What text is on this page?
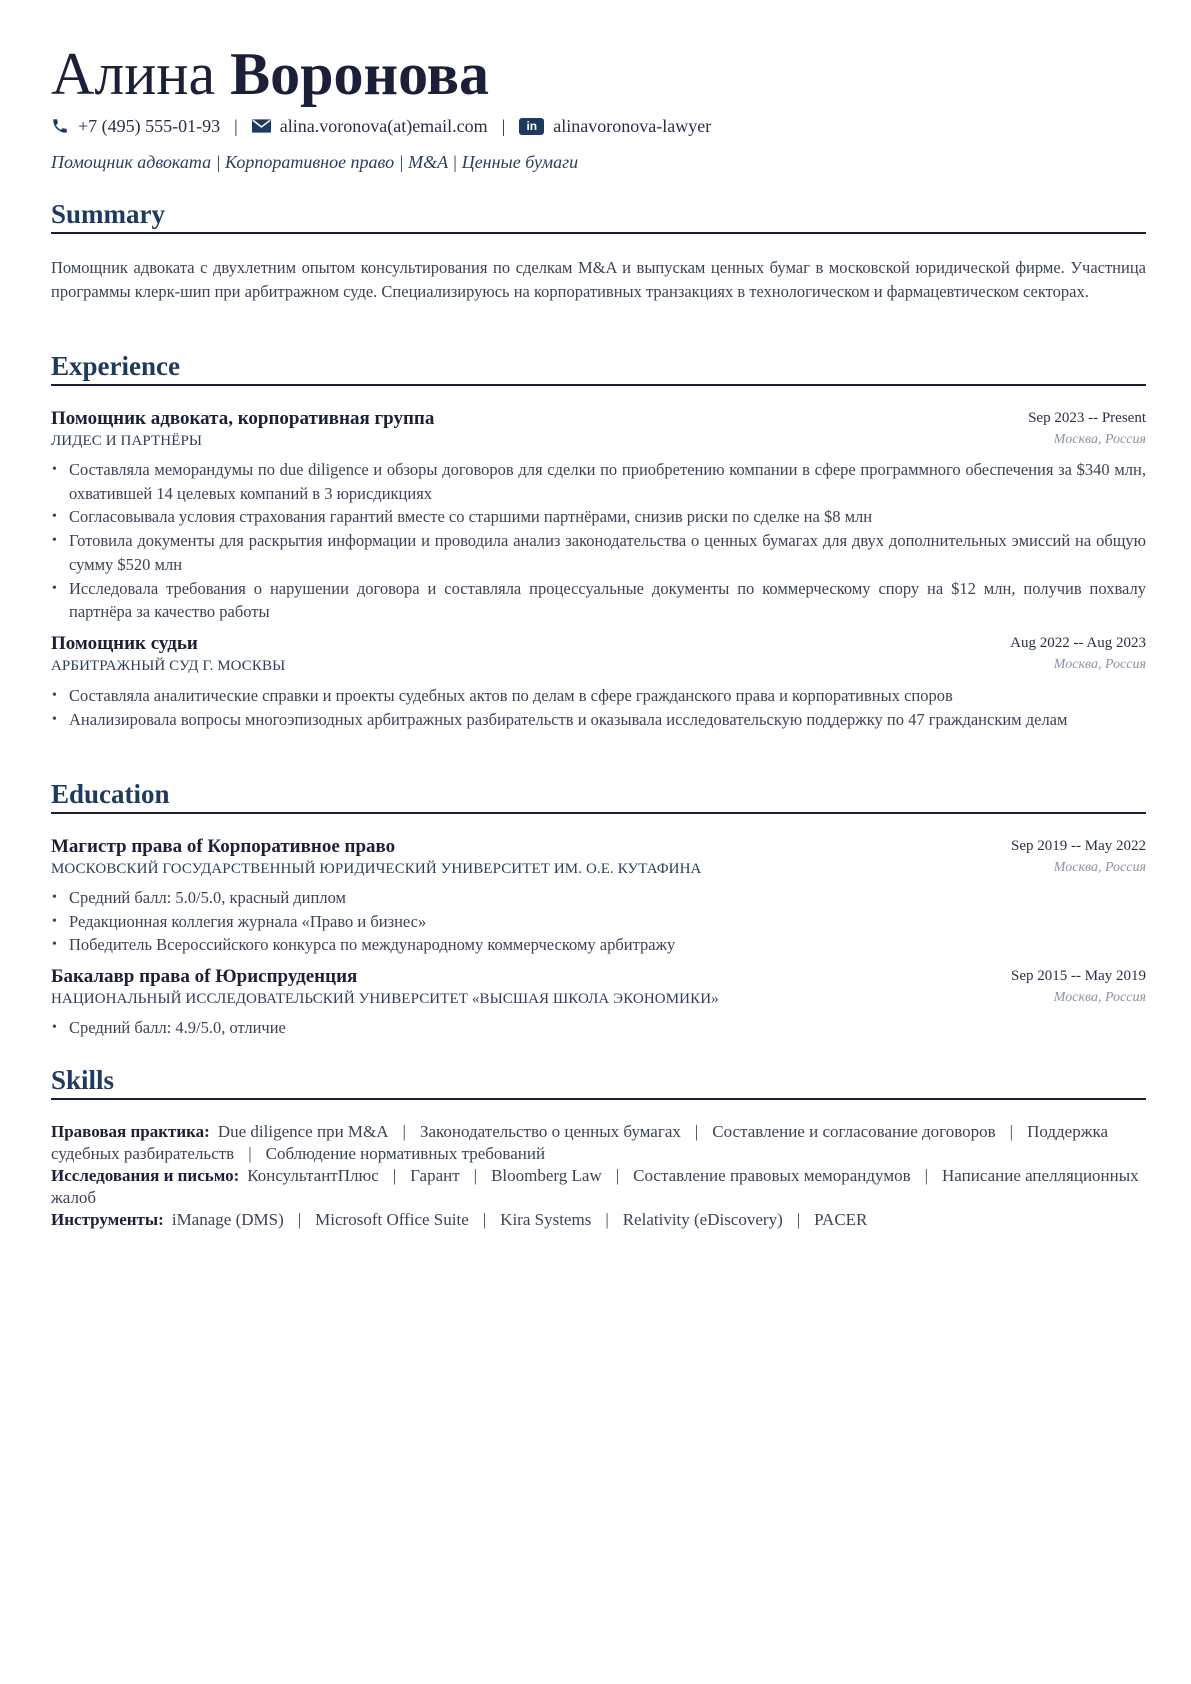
Алина Воронова
+7 (495) 555-01-93 | alina.voronova(at)email.com |	in alinavoronova-lawyer
Помощник адвоката | Корпоративное право | M&A | Ценные бумаги
Summary
Помощник адвоката с двухлетним опытом консультирования по сделкам M&A и выпускам ценных бумаг в московской юридической фирме. Участница программы клерк-шип при арбитражном суде. Специализируюсь на корпоративных транзакциях в технологическом и фармацевтическом секторах.
Experience
Помощник адвоката, корпоративная группа	Sep 2023 -- Present
ЛИДЕС И ПАРТНЁРЫ	Москва, Россия
• Составляла меморандумы по due diligence и обзоры договоров для сделки по приобретению компании в сфере программного обеспечения за $340 млн, охватившей 14 целевых компаний в 3 юрисдикциях
• Согласовывала условия страхования гарантий вместе со старшими партнёрами, снизив риски по сделке на $8 млн
• Готовила документы для раскрытия информации и проводила анализ законодательства о ценных бумагах для двух дополнительных эмиссий на общую сумму $520 млн
• Исследовала требования о нарушении договора и составляла процессуальные документы по коммерческому спору на $12 млн, получив похвалу партнёра за качество работы
Помощник судьи	Aug 2022 -- Aug 2023
АРБИТРАЖНЫЙ СУД Г. МОСКВЫ	Москва, Россия
• Составляла аналитические справки и проекты судебных актов по делам в сфере гражданского права и корпоративных споров
• Анализировала вопросы многоэпизодных арбитражных разбирательств и оказывала исследовательскую поддержку по 47 гражданским делам
Education
Магистр права of Корпоративное право	Sep 2019 -- May 2022
МОСКОВСКИЙ ГОСУДАРСТВЕННЫЙ ЮРИДИЧЕСКИЙ УНИВЕРСИТЕТ ИМ. О.Е. КУТАФИНА	Москва, Россия
• Средний балл: 5.0/5.0, красный диплом
• Редакционная коллегия журнала «Право и бизнес»
• Победитель Всероссийского конкурса по международному коммерческому арбитражу
Бакалавр права of Юриспруденция	Sep 2015 -- May 2019
НАЦИОНАЛЬНЫЙ ИССЛЕДОВАТЕЛЬСКИЙ УНИВЕРСИТЕТ «ВЫСШАЯ ШКОЛА ЭКОНОМИКИ»	Москва, Россия
• Средний балл: 4.9/5.0, отличие
Skills
Правовая практика: Due diligence при M&A | Законодательство о ценных бумагах | Составление и согласование договоров | Поддержка судебных разбирательств | Соблюдение нормативных требований
Исследования и письмо: КонсультантПлюс | Гарант | Bloomberg Law | Составление правовых меморандумов | Написание апелляционных жалоб
Инструменты: iManage (DMS) | Microsoft Office Suite | Kira Systems | Relativity (eDiscovery) | PACER
